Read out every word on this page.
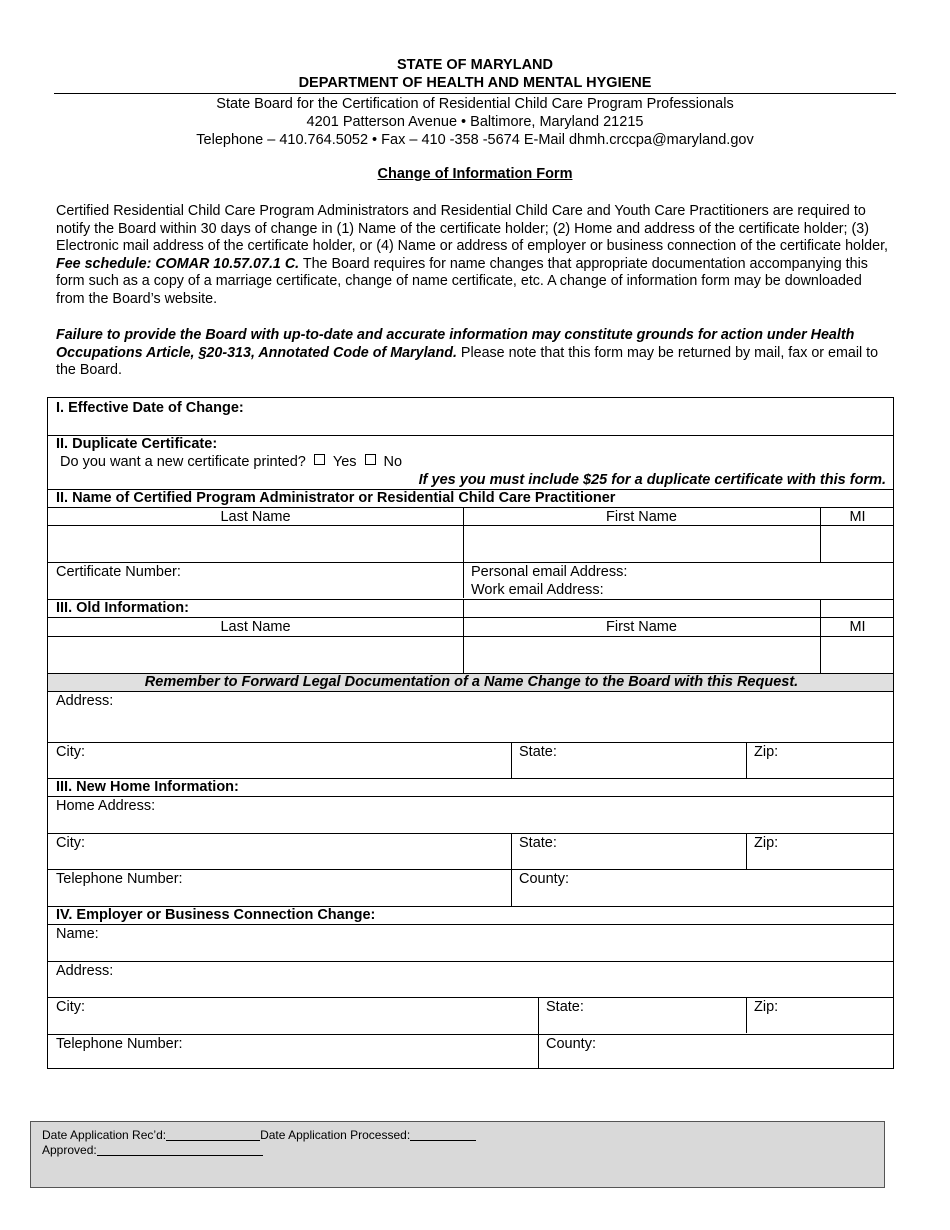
STATE OF MARYLAND
DEPARTMENT OF HEALTH AND MENTAL HYGIENE
State Board for the Certification of Residential Child Care Program Professionals
4201 Patterson Avenue • Baltimore, Maryland 21215
Telephone – 410.764.5052 • Fax – 410 -358 -5674 E-Mail dhmh.crccpa@maryland.gov
Change of Information Form
Certified Residential Child Care Program Administrators and Residential Child Care and Youth Care Practitioners are required to notify the Board within 30 days of change in (1) Name of the certificate holder; (2) Home and address of the certificate holder; (3) Electronic mail address of the certificate holder, or (4) Name or address of employer or business connection of the certificate holder, Fee schedule: COMAR 10.57.07.1 C. The Board requires for name changes that appropriate documentation accompanying this form such as a copy of a marriage certificate, change of name certificate, etc. A change of information form may be downloaded from the Board’s website.
Failure to provide the Board with up-to-date and accurate information may constitute grounds for action under Health Occupations Article, §20-313, Annotated Code of Maryland. Please note that this form may be returned by mail, fax or email to the Board.
I. Effective Date of Change:
II. Duplicate Certificate:
Do you want a new certificate printed? Yes No
If yes you must include $25 for a duplicate certificate with this form.
II. Name of Certified Program Administrator or Residential Child Care Practitioner
Last Name	First Name	MI
Certificate Number:	Personal email Address:
Work email Address:
III. Old Information:
Last Name	First Name	MI
Remember to Forward Legal Documentation of a Name Change to the Board with this Request.
Address:
City:	State:	Zip:
III. New Home Information:
Home Address:
City:	State:	Zip:
Telephone Number:	County:
IV. Employer or Business Connection Change:
Name:
Address:
City:	State:	Zip:
Telephone Number:	County:
Date Application Rec’d:	Date Application Processed:
Approved:
